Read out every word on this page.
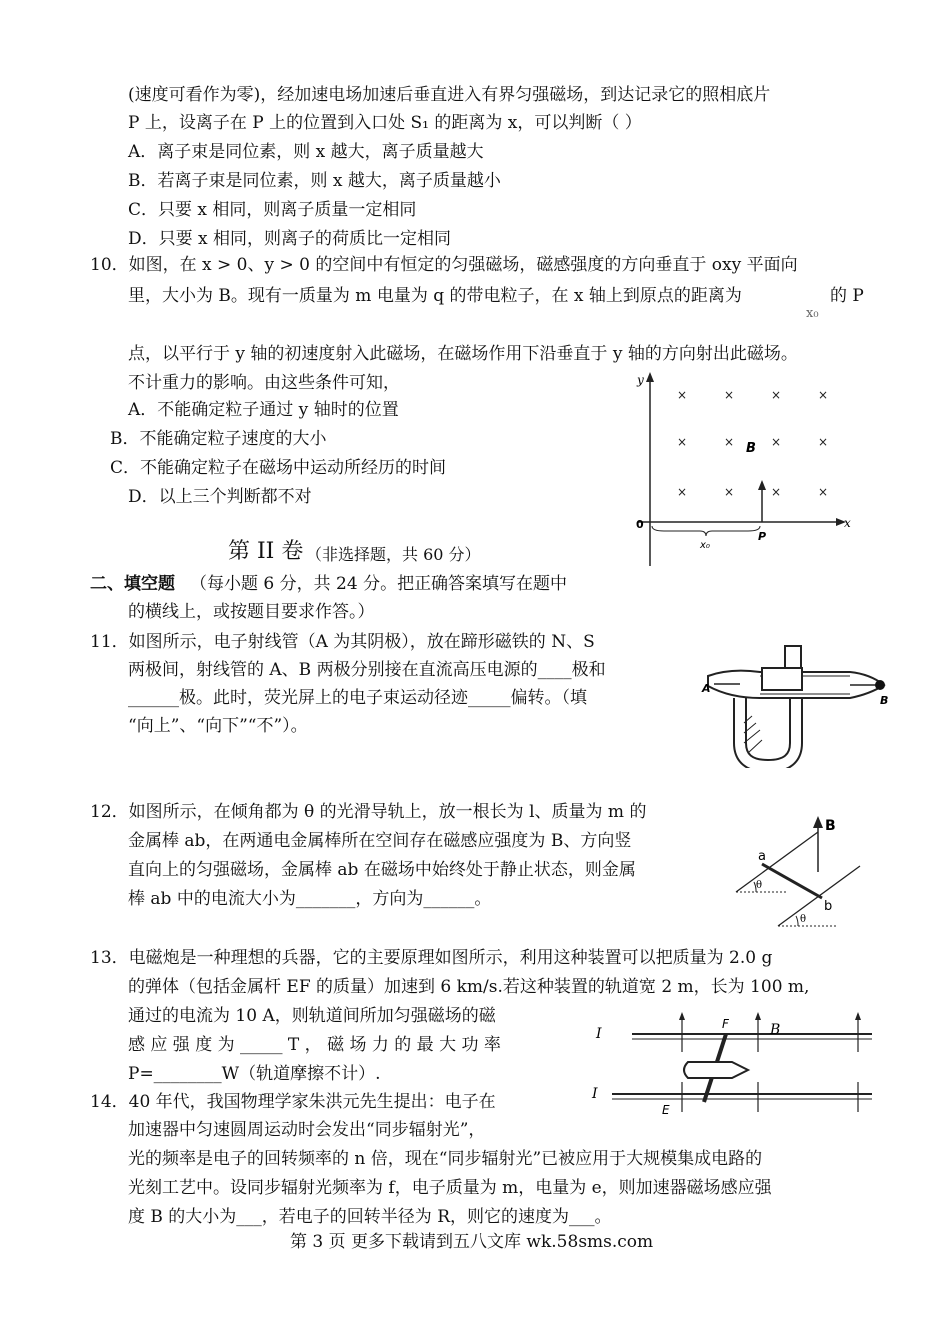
(速度可看作为零)，经加速电场加速后垂直进入有界匀强磁场，到达记录它的照相底片
P 上，设离子在 P 上的位置到入口处 S₁ 的距离为 x，可以判断（ ）
A．离子束是同位素，则 x 越大，离子质量越大
B．若离子束是同位素，则 x 越大，离子质量越小
C．只要 x 相同，则离子质量一定相同
D．只要 x 相同，则离子的荷质比一定相同
10．如图，在 x > 0、y > 0 的空间中有恒定的匀强磁场，磁感强度的方向垂直于 oxy 平面向
里，大小为 B。现有一质量为 m 电量为 q 的带电粒子，在 x 轴上到原点的距离为
x₀
的 P
点，以平行于 y 轴的初速度射入此磁场，在磁场作用下沿垂直于 y 轴的方向射出此磁场。
不计重力的影响。由这些条件可知，
A．不能确定粒子通过 y 轴时的位置
B．不能确定粒子速度的大小
C．不能确定粒子在磁场中运动所经历的时间
D．以上三个判断都不对
y
x
0
×	×	×	×
×	×	×	×
×	×	×	×
B
P
x₀
第 II 卷 （非选择题，共 60 分）
二、填空题 （每小题 6 分，共 24 分。把正确答案填写在题中
的横线上，或按题目要求作答。）
11．如图所示，电子射线管（A 为其阴极），放在蹄形磁铁的 N、S
两极间，射线管的 A、B 两极分别接在直流高压电源的____极和
______极。此时，荧光屏上的电子束运动径迹_____偏转。（填
“向上”、“向下”“不”）。
A
B
12．如图所示，在倾角都为 θ 的光滑导轨上，放一根长为 l、质量为 m 的
金属棒 ab，在两通电金属棒所在空间存在磁感应强度为 B、方向竖
直向上的匀强磁场，金属棒 ab 在磁场中始终处于静止状态，则金属
棒 ab 中的电流大小为_______，方向为______。
θ
θ
a
b
B
13．电磁炮是一种理想的兵器，它的主要原理如图所示，利用这种装置可以把质量为 2.0 g
的弹体（包括金属杆 EF 的质量）加速到 6 km/s.若这种装置的轨道宽 2 m，长为 100 m,
通过的电流为 10 A，则轨道间所加匀强磁场的磁
感 应 强 度 为 _____ T ， 磁 场 力 的 最 大 功 率
P=________W（轨道摩擦不计）.
I
I
F
E
B
14．40 年代，我国物理学家朱洪元先生提出：电子在
加速器中匀速圆周运动时会发出“同步辐射光”，
光的频率是电子的回转频率的 n 倍，现在“同步辐射光”已被应用于大规模集成电路的
光刻工艺中。设同步辐射光频率为 f，电子质量为 m，电量为 e，则加速器磁场感应强
度 B 的大小为___，若电子的回转半径为 R，则它的速度为___。
第 3 页 更多下载请到五八文库 wk.58sms.com
